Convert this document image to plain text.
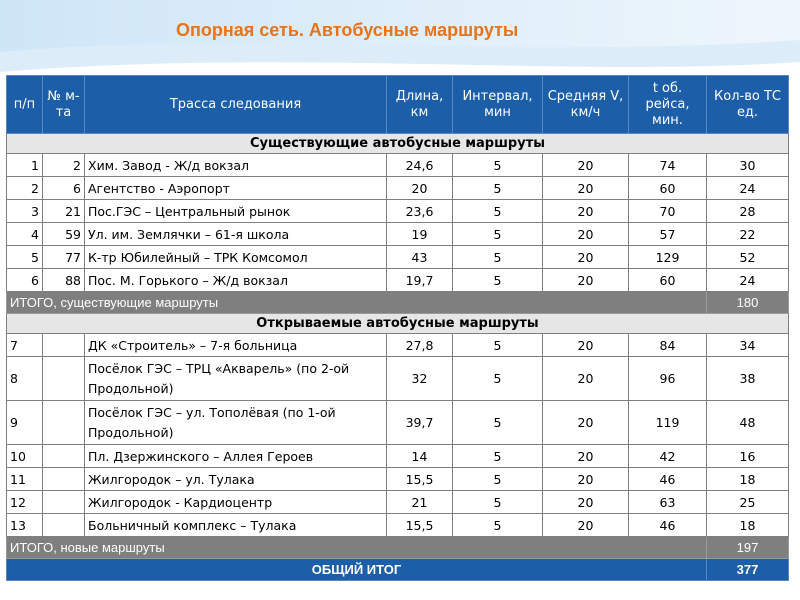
Опорная сеть. Автобусные маршруты
п/п	№ м-та	Трасса следования	Длина, км	Интервал, мин	Средняя V, км/ч	t об. рейса, мин.	Кол-во ТС ед.
Существующие автобусные маршруты							
1	2	Хим. Завод - Ж/д вокзал	24,6	5	20	74	30
2	6	Агентство - Аэропорт	20	5	20	60	24
3	21	Пос.ГЭС – Центральный рынок	23,6	5	20	70	28
4	59	Ул. им. Землячки – 61-я школа	19	5	20	57	22
5	77	К-тр Юбилейный – ТРК Комсомол	43	5	20	129	52
6	88	Пос. М. Горького – Ж/д вокзал	19,7	5	20	60	24
ИТОГО, существующие маршруты							180
Открываемые автобусные маршруты							
7		ДК «Строитель» – 7-я больница	27,8	5	20	84	34
8		Посёлок ГЭС – ТРЦ «Акварель» (по 2-ой Продольной)	32	5	20	96	38
9		Посёлок ГЭС – ул. Тополёвая (по 1-ой Продольной)	39,7	5	20	119	48
10		Пл. Дзержинского – Аллея Героев	14	5	20	42	16
11		Жилгородок – ул. Тулака	15,5	5	20	46	18
12		Жилгородок - Кардиоцентр	21	5	20	63	25
13		Больничный комплекс – Тулака	15,5	5	20	46	18
ИТОГО, новые маршруты							197
ОБЩИЙ ИТОГ							377
